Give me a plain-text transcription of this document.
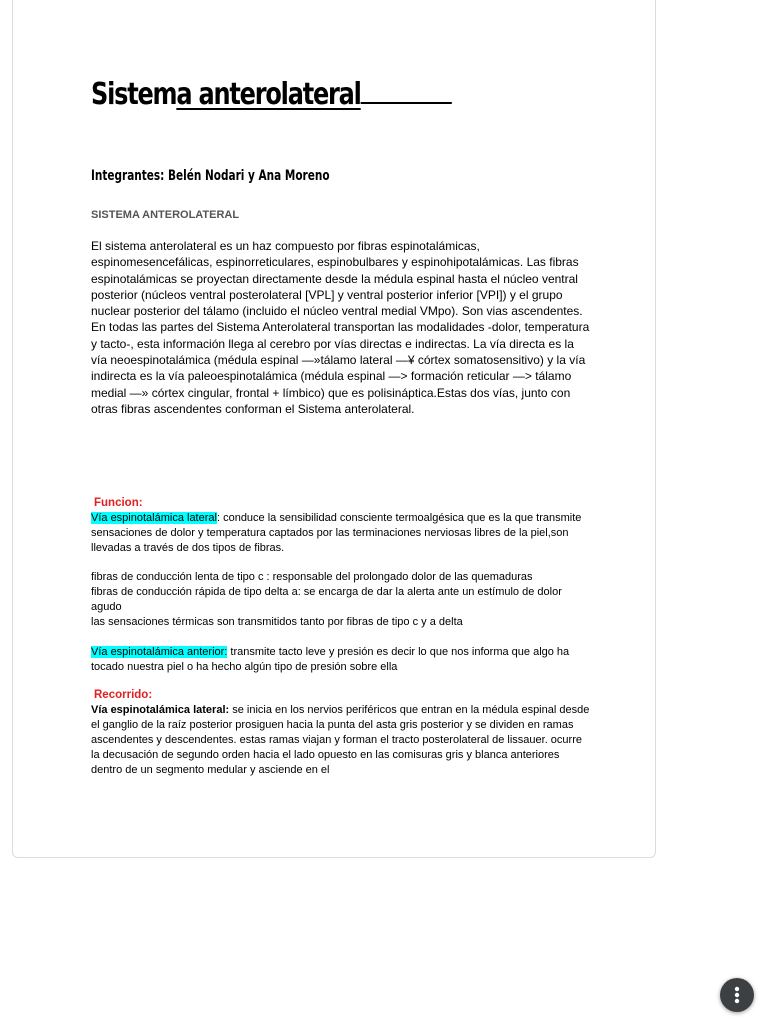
Sistema anterolateral
Integrantes: Belén Nodari y Ana Moreno
SISTEMA ANTEROLATERAL

El sistema anterolateral es un haz compuesto por fibras espinotalámicas, espinomesencefálicas, espinorreticulares, espinobulbares y espinohipotalámicas. Las fibras espinotalámicas se proyectan directamente desde la médula espinal hasta el núcleo ventral posterior (núcleos ventral posterolateral [VPL] y ventral posterior inferior [VPI]) y el grupo nuclear posterior del tálamo (incluido el núcleo ventral medial VMpo). Son vias ascendentes.

En todas las partes del Sistema Anterolateral transportan las modalidades -dolor, temperatura y tacto-, esta información llega al cerebro por vías directas e indirectas. La vía directa es la vía neoespinotalámica (médula espinal —»tálamo lateral —¥ córtex somatosensitivo) y la vía indirecta es la vía paleoespinotalámica (médula espinal —> formación reticular —> tálamo medial —» córtex cingular, frontal + límbico) que es polisináptica.Estas dos vías, junto con otras fibras ascendentes conforman el Sistema anterolateral.

Funcion:

Vía espinotalámica lateral: conduce la sensibilidad consciente termoalgésica que es la que transmite sensaciones de dolor y temperatura captados por las terminaciones nerviosas libres de la piel,son llevadas a través de dos tipos de fibras.

fibras de conducción lenta de tipo c : responsable del prolongado dolor de las quemaduras

fibras de conducción rápida de tipo delta a: se encarga de dar la alerta ante un estímulo de dolor agudo

las sensaciones térmicas son transmitidos tanto por fibras de tipo c y a delta

Vía espinotalámica anterior: transmite tacto leve y presión es decir lo que nos informa que algo ha tocado nuestra piel o ha hecho algún tipo de presión sobre ella

Recorrido:

Vía espinotalámica lateral: se inicia en los nervios periféricos que entran en la médula espinal desde el ganglio de la raíz posterior prosiguen hacia la punta del asta gris posterior y se dividen en ramas ascendentes y descendentes. estas ramas viajan y forman el tracto posterolateral de lissauer. ocurre la decusación de segundo orden hacia el lado opuesto en las comisuras gris y blanca anteriores dentro de un segmento medular y asciende en el
